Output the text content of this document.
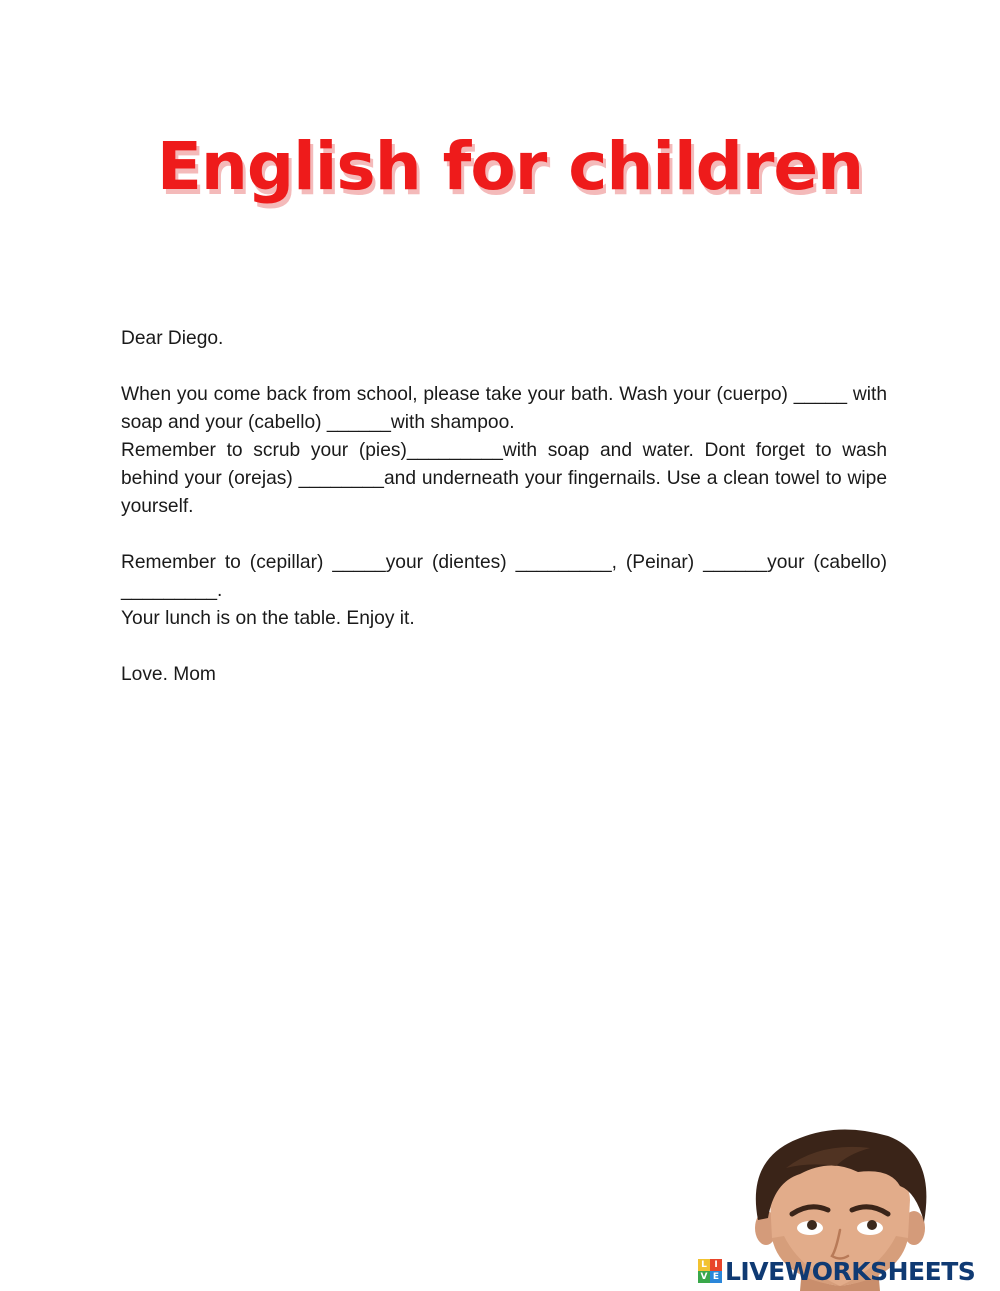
English for children

Dear Diego.

When you come back from school, please take your bath. Wash your (cuerpo) _____ with soap and your (cabello) ______with shampoo.

Remember to scrub your (pies)_________with soap and water. Dont forget to wash behind your (orejas) ________and underneath your fingernails. Use a clean towel to wipe yourself.

Remember to (cepillar) _____your (dientes) _________, (Peinar) ______your (cabello) _________.

Your lunch is on the table. Enjoy it.

Love. Mom

L I
V E LIVEWORKSHEETS
